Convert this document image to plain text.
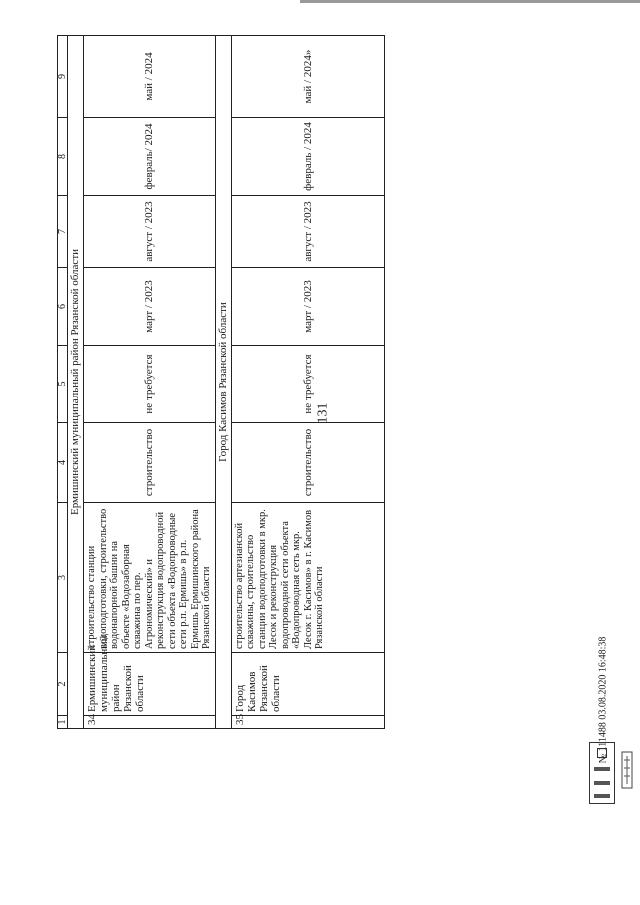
131
1	2	3	4	5	6	7	8	9
Ермишинский муниципальный район Рязанской области								
34	Ермишинский муниципальный район Рязанской области	строительство станции водоподготовки, строительство водонапорной башни на объекте «Водозаборная скважина по пер. Агрономический» и реконструкция водопроводной сети объекта «Водопроводные сети р.п. Ермишь» в р.п. Ермишь Ермишинского района Рязанской области	строительство	не требуется	март / 2023	август / 2023	февраль/ 2024	май / 2024
Город Касимов Рязанской области								
35	Город Касимов Рязанской области	строительство артезианской скважины, строительство станции водоподготовки в мкр. Лесок и реконструкция водопроводной сети объекта «Водопроводная сеть мкр. Лесок г. Касимов» в г. Касимов Рязанской области	строительство	не требуется	март / 2023	август / 2023	февраль / 2024	май / 2024»
№ 111488 03.08.2020 16:48:38
